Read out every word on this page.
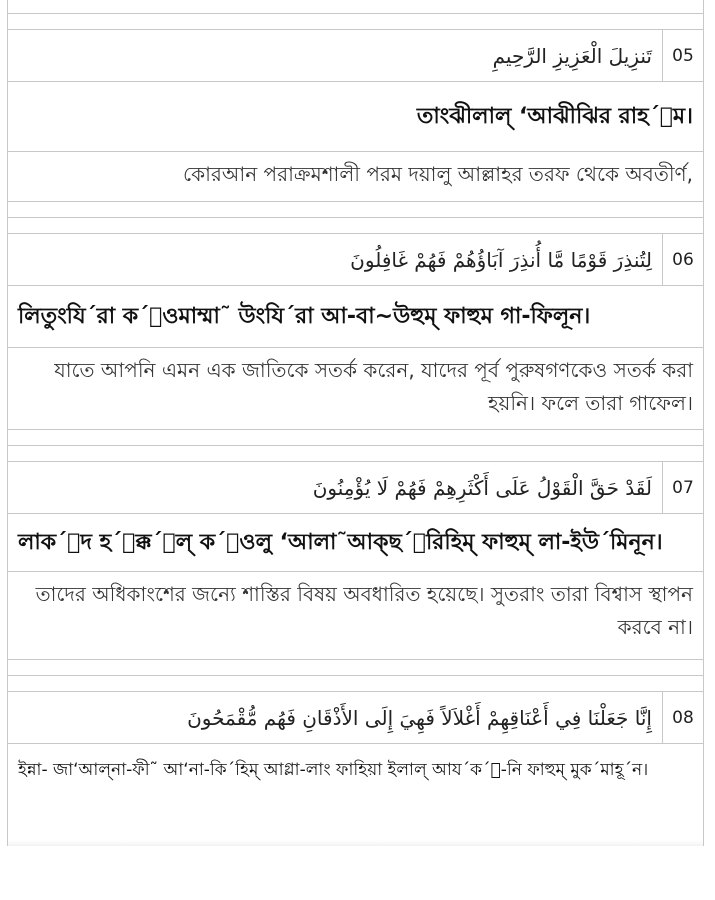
تَنزِيلَ الْعَزِيزِ الرَّحِيمِ	05
তাংঝীলাল্ ‘আঝীঝির রাহ´ীম।
কোরআন পরাক্রমশালী পরম দয়ালু আল্লাহর তরফ থেকে অবতীর্ণ,
لِتُنذِرَ قَوْمًا مَّا أُنذِرَ آبَاؤُهُمْ فَهُمْ غَافِلُونَ	06
লিতুংযি´রা ক´াওমাম্মা˜ উংযি´রা আ-বা~উহুম্ ফাহুম গা-ফিলূন।
যাতে আপনি এমন এক জাতিকে সতর্ক করেন, যাদের পূর্ব পুরুষগণকেও সতর্ক করা হয়নি। ফলে তারা গাফেল।
لَقَدْ حَقَّ الْقَوْلُ عَلَى أَكْثَرِهِمْ فَهُمْ لَا يُؤْمِنُونَ	07
লাক´াদ হ´াক্ক´াল্ ক´াওলু ‘আলা˜আক্ছ´ারিহিম্ ফাহুম্ লা-ইউ´মিনূন।
তাদের অধিকাংশের জন্যে শাস্তির বিষয় অবধারিত হয়েছে। সুতরাং তারা বিশ্বাস স্থাপন করবে না।
إِنَّا جَعَلْنَا فِي أَعْنَاقِهِمْ أَغْلاَلاً فَهِيَ إِلَى الأَذْقَانِ فَهُم مُّقْمَحُونَ	08
ইন্না- জা‘আল্না-ফী˜ আ‘না-কি´হিম্ আগ্লা-লাং ফাহিয়া ইলাল্ আয´ক´া-নি ফাহুম্ মুক´মাহূ´ন।
